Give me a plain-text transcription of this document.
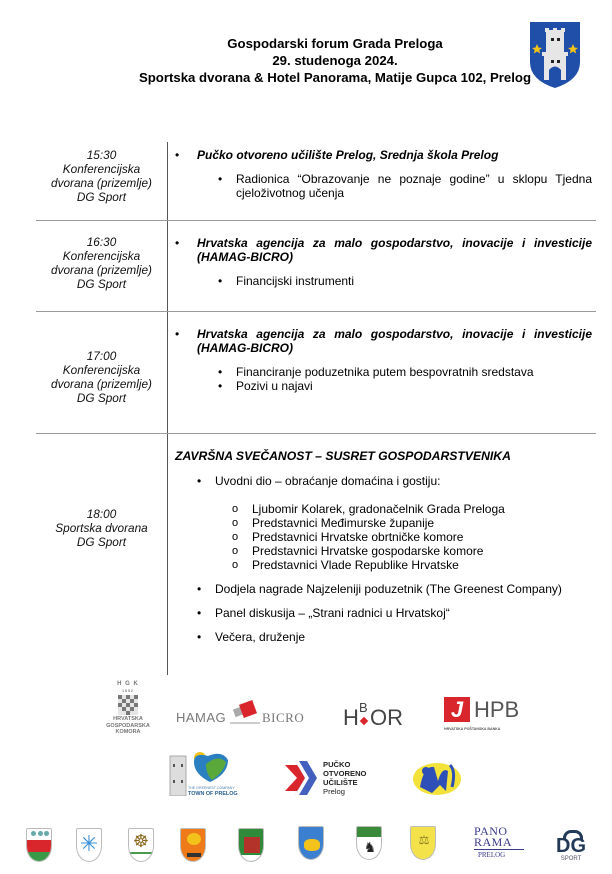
Gospodarski forum Grada Preloga
29. studenoga 2024.
Sportska dvorana & Hotel Panorama, Matije Gupca 102, Prelog
15:30
Konferencijska
dvorana (prizemlje)
DG Sport
• Pučko otvoreno učilište Prelog, Srednja škola Prelog
• Radionica “Obrazovanje ne poznaje godine” u sklopu Tjedna cjeloživotnog učenja
16:30
Konferencijska
dvorana (prizemlje)
DG Sport
• Hrvatska agencija za malo gospodarstvo, inovacije i investicije (HAMAG-BICRO)
• Financijski instrumenti
17:00
Konferencijska
dvorana (prizemlje)
DG Sport
• Hrvatska agencija za malo gospodarstvo, inovacije i investicije (HAMAG-BICRO)
• Financiranje poduzetnika putem bespovratnih sredstava
• Pozivi u najavi
18:00
Sportska dvorana
DG Sport
ZAVRŠNA SVEČANOST – SUSRET GOSPODARSTVENIKA
• Uvodni dio – obraćanje domaćina i gostiju:
o Ljubomir Kolarek, gradonačelnik Grada Preloga
o Predstavnici Međimurske županije
o Predstavnici Hrvatske obrtničke komore
o Predstavnici Hrvatske gospodarske komore
o Predstavnici Vlade Republike Hrvatske
• Dodjela nagrade Najzeleniji poduzetnik (The Greenest Company)
• Panel diskusija – „Strani radnici u Hrvatskoj“
• Večera, druženje
H G K
1852
HRVATSKA
GOSPODARSKA
KOMORA
HAMAG	BICRO H B OR	J HPB
HRVATSKA POŠTANSKA BANKA
THE GREENEST COMPANY
TOWN OF PRELOG
PUČKO
OTVORENO
UČILIŠTE
Prelog
✳ ☸	♞	⚖
PANO
RAMA
PRELOG	DG
SPORT
